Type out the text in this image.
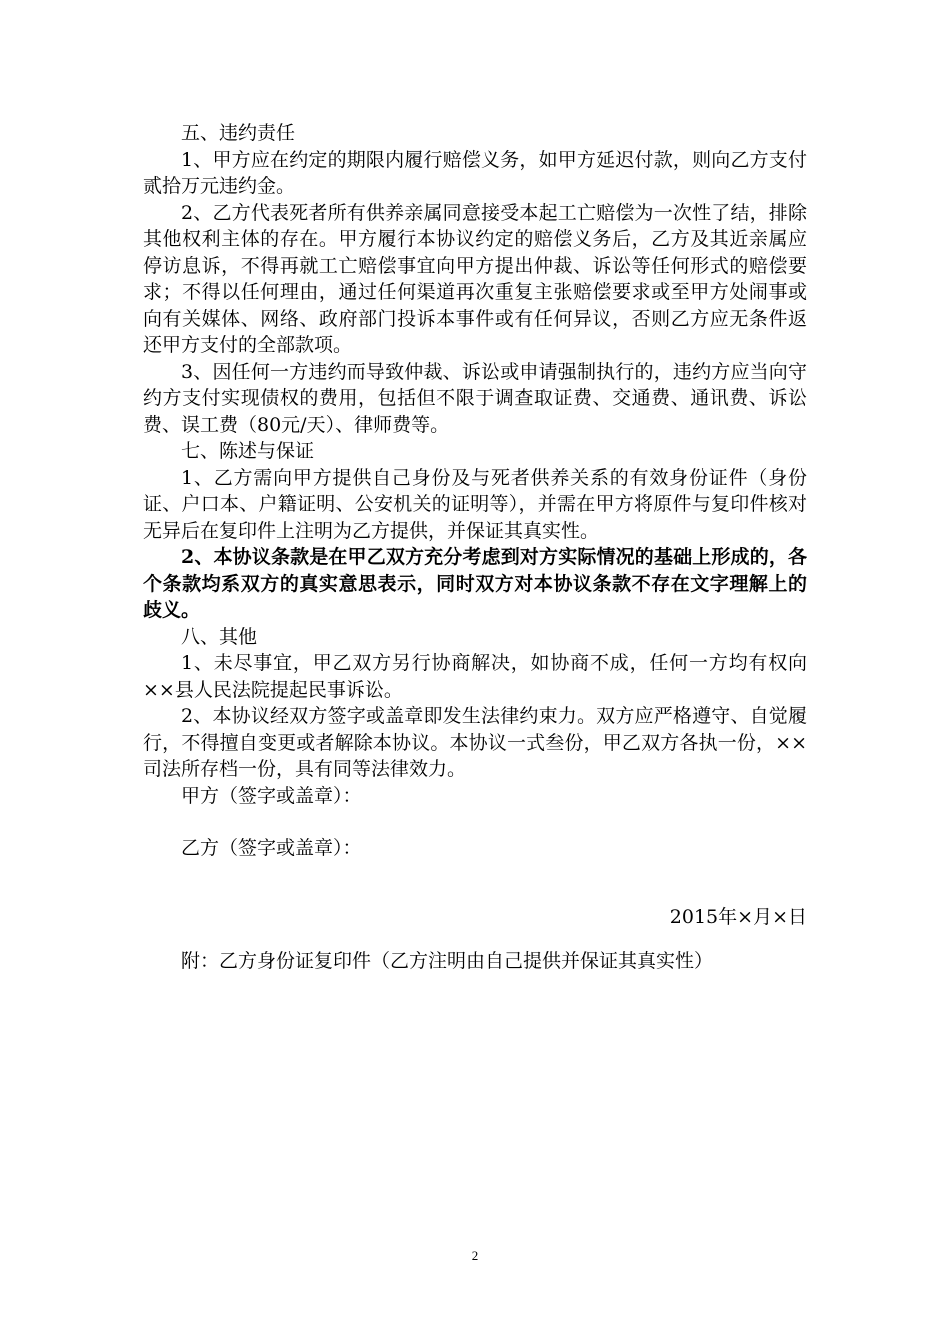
五、违约责任

1、甲方应在约定的期限内履行赔偿义务，如甲方延迟付款，则向乙方支付贰拾万元违约金。

2、乙方代表死者所有供养亲属同意接受本起工亡赔偿为一次性了结，排除其他权利主体的存在。甲方履行本协议约定的赔偿义务后，乙方及其近亲属应停访息诉，不得再就工亡赔偿事宜向甲方提出仲裁、诉讼等任何形式的赔偿要求；不得以任何理由，通过任何渠道再次重复主张赔偿要求或至甲方处闹事或向有关媒体、网络、政府部门投诉本事件或有任何异议，否则乙方应无条件返还甲方支付的全部款项。

3、因任何一方违约而导致仲裁、诉讼或申请强制执行的，违约方应当向守约方支付实现债权的费用，包括但不限于调查取证费、交通费、通讯费、诉讼费、误工费（80元/天）、律师费等。

七、陈述与保证

1、乙方需向甲方提供自己身份及与死者供养关系的有效身份证件（身份证、户口本、户籍证明、公安机关的证明等），并需在甲方将原件与复印件核对无异后在复印件上注明为乙方提供，并保证其真实性。

2、本协议条款是在甲乙双方充分考虑到对方实际情况的基础上形成的，各个条款均系双方的真实意思表示，同时双方对本协议条款不存在文字理解上的歧义。

八、其他

1、未尽事宜，甲乙双方另行协商解决，如协商不成，任何一方均有权向××县人民法院提起民事诉讼。

2、本协议经双方签字或盖章即发生法律约束力。双方应严格遵守、自觉履行，不得擅自变更或者解除本协议。本协议一式叁份，甲乙双方各执一份，××司法所存档一份，具有同等法律效力。

甲方（签字或盖章）：

乙方（签字或盖章）：

2015年×月×日

附：乙方身份证复印件（乙方注明由自己提供并保证其真实性）

2
